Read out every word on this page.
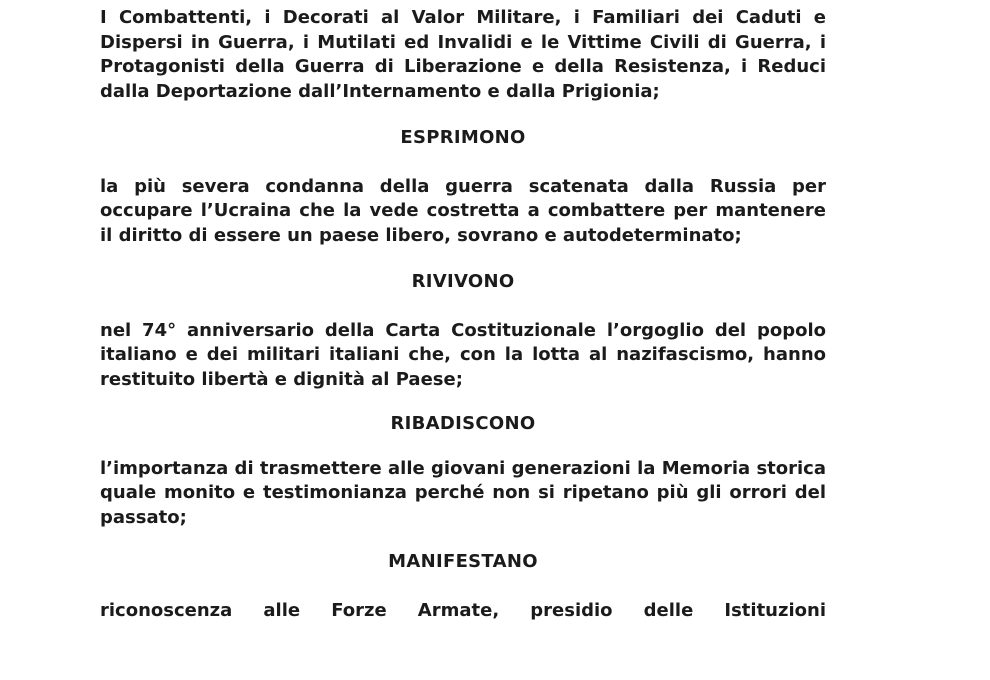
I Combattenti, i Decorati al Valor Militare, i Familiari dei Caduti e Dispersi in Guerra, i Mutilati ed Invalidi e le Vittime Civili di Guerra, i Protagonisti della Guerra di Liberazione e della Resistenza, i Reduci dalla Deportazione dall’Internamento e dalla Prigionia;

ESPRIMONO

la più severa condanna della guerra scatenata dalla Russia per occupare l’Ucraina che la vede costretta a combattere per mantenere il diritto di essere un paese libero, sovrano e autodeterminato;

RIVIVONO

nel 74° anniversario della Carta Costituzionale l’orgoglio del popolo italiano e dei militari italiani che, con la lotta al nazifascismo, hanno restituito libertà e dignità al Paese;

RIBADISCONO

l’importanza di trasmettere alle giovani generazioni la Memoria storica quale monito e testimonianza perché non si ripetano più gli orrori del passato;

MANIFESTANO

riconoscenza alle Forze Armate, presidio delle Istituzioni
